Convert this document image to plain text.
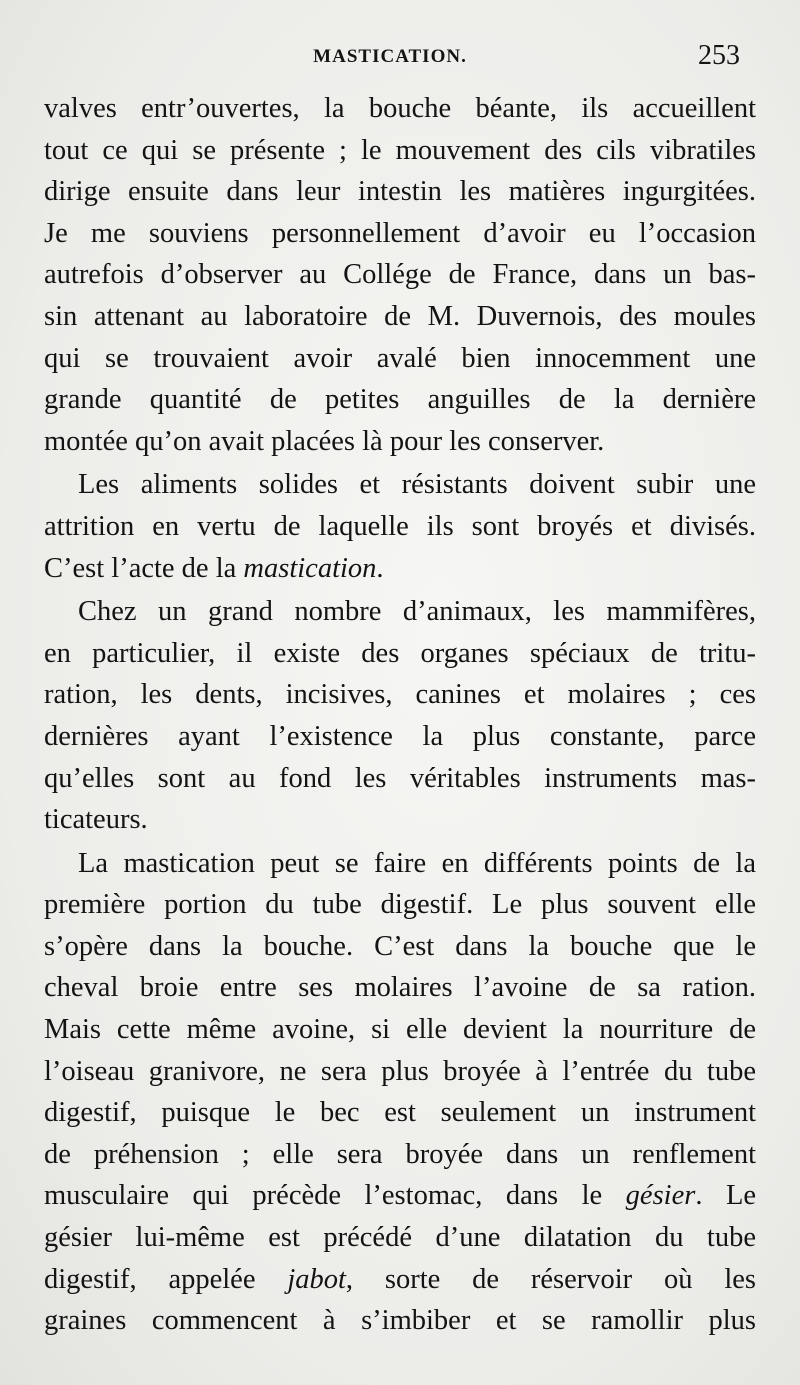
MASTICATION.	253
valves entr’ouvertes, la bouche béante, ils accueillent
tout ce qui se présente ; le mouvement des cils vibratiles
dirige ensuite dans leur intestin les matières ingurgitées.
Je me souviens personnellement d’avoir eu l’occasion
autrefois d’observer au Collége de France, dans un bas-
sin attenant au laboratoire de M. Duvernois, des moules
qui se trouvaient avoir avalé bien innocemment une
grande quantité de petites anguilles de la dernière
montée qu’on avait placées là pour les conserver.
Les aliments solides et résistants doivent subir une
attrition en vertu de laquelle ils sont broyés et divisés.
C’est l’acte de la mastication.
Chez un grand nombre d’animaux, les mammifères,
en particulier, il existe des organes spéciaux de tritu-
ration, les dents, incisives, canines et molaires ; ces
dernières ayant l’existence la plus constante, parce
qu’elles sont au fond les véritables instruments mas-
ticateurs.
La mastication peut se faire en différents points de la
première portion du tube digestif. Le plus souvent elle
s’opère dans la bouche. C’est dans la bouche que le
cheval broie entre ses molaires l’avoine de sa ration.
Mais cette même avoine, si elle devient la nourriture de
l’oiseau granivore, ne sera plus broyée à l’entrée du tube
digestif, puisque le bec est seulement un instrument
de préhension ; elle sera broyée dans un renflement
musculaire qui précède l’estomac, dans le gésier. Le
gésier lui-même est précédé d’une dilatation du tube
digestif, appelée jabot, sorte de réservoir où les
graines commencent à s’imbiber et se ramollir plus
